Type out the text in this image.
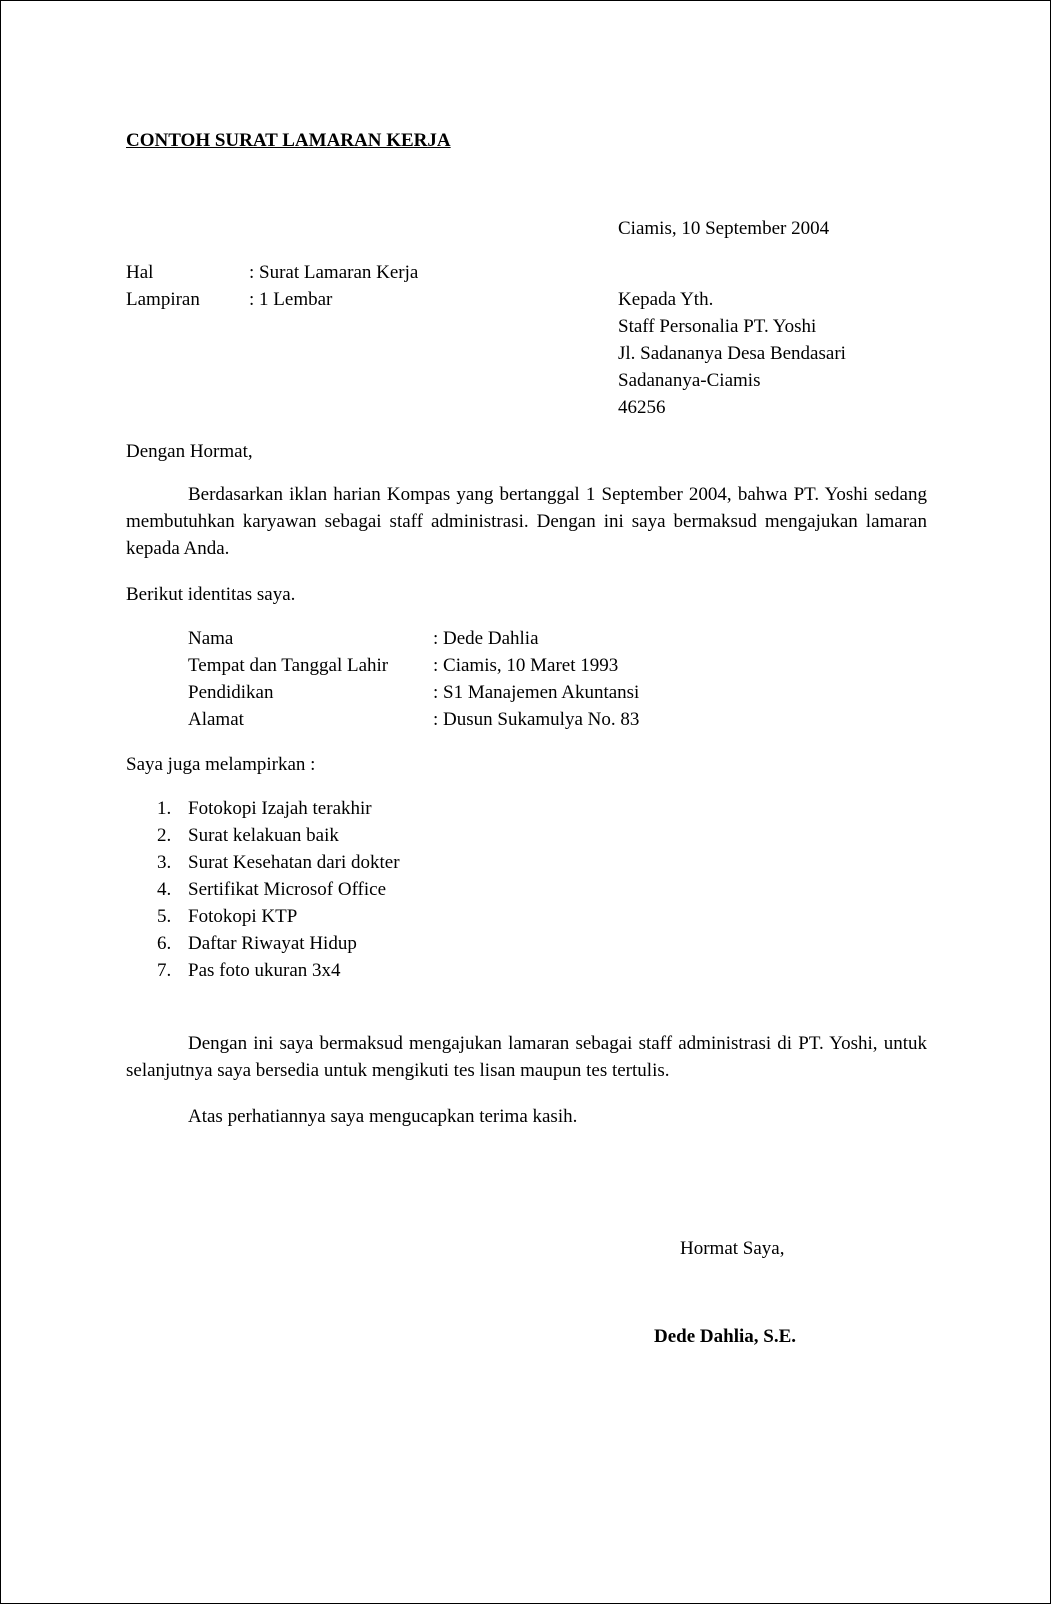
CONTOH SURAT LAMARAN KERJA
Ciamis, 10 September 2004
Hal	: Surat Lamaran Kerja
Lampiran	: 1 Lembar	Kepada Yth.
Staff Personalia PT. Yoshi
Jl. Sadananya Desa Bendasari
Sadananya-Ciamis
46256
Dengan Hormat,
Berdasarkan iklan harian Kompas yang bertanggal 1 September 2004, bahwa PT. Yoshi sedang membutuhkan karyawan sebagai staff administrasi. Dengan ini saya bermaksud mengajukan lamaran kepada Anda.
Berikut identitas saya.
Nama	: Dede Dahlia
Tempat dan Tanggal Lahir : Ciamis, 10 Maret 1993
Pendidikan	: S1 Manajemen Akuntansi
Alamat	: Dusun Sukamulya No. 83
Saya juga melampirkan :
1. Fotokopi Izajah terakhir
2. Surat kelakuan baik
3. Surat Kesehatan dari dokter
4. Sertifikat Microsof Office
5. Fotokopi KTP
6. Daftar Riwayat Hidup
7. Pas foto ukuran 3x4
Dengan ini saya bermaksud mengajukan lamaran sebagai staff administrasi di PT. Yoshi, untuk selanjutnya saya bersedia untuk mengikuti tes lisan maupun tes tertulis.
Atas perhatiannya saya mengucapkan terima kasih.
Hormat Saya,
Dede Dahlia, S.E.
